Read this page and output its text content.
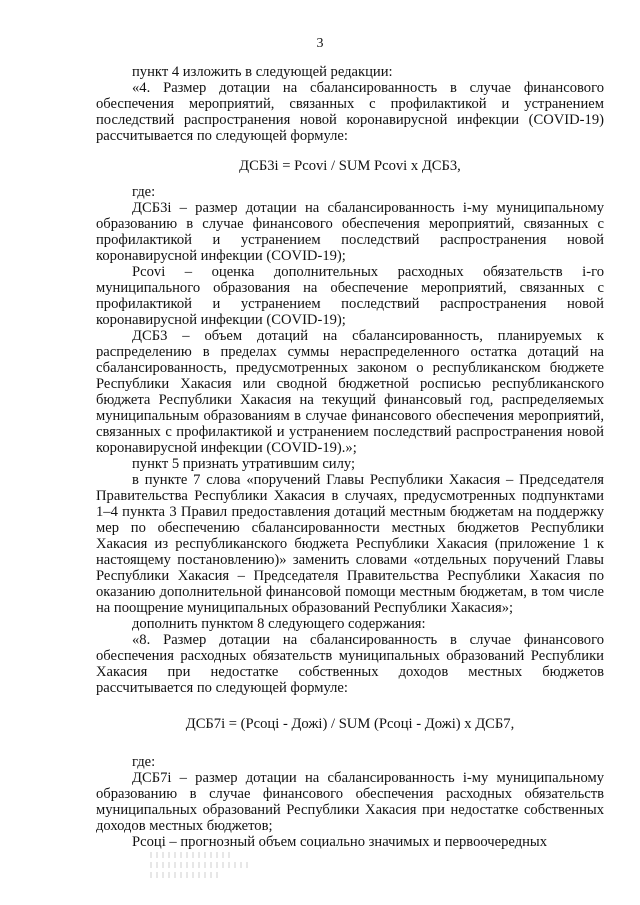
3

пункт 4 изложить в следующей редакции:

«4. Размер дотации на сбалансированность в случае финансового обеспечения мероприятий, связанных с профилактикой и устранением последствий распространения новой коронавирусной инфекции (COVID-19) рассчитывается по следующей формуле:

ДСБ3i = Pcovi / SUM Pcovi x ДСБ3,

где:

ДСБ3i – размер дотации на сбалансированность i-му муниципальному образованию в случае финансового обеспечения мероприятий, связанных с профилактикой и устранением последствий распространения новой коронавирусной инфекции (COVID-19);

Pcovi – оценка дополнительных расходных обязательств i-го муниципального образования на обеспечение мероприятий, связанных с профилактикой и устранением последствий распространения новой коронавирусной инфекции (COVID-19);

ДСБ3 – объем дотаций на сбалансированность, планируемых к распределению в пределах суммы нераспределенного остатка дотаций на сбалансированность, предусмотренных законом о республиканском бюджете Республики Хакасия или сводной бюджетной росписью республиканского бюджета Республики Хакасия на текущий финансовый год, распределяемых муниципальным образованиям в случае финансового обеспечения мероприятий, связанных с профилактикой и устранением последствий распространения новой коронавирусной инфекции (COVID-19).»;

пункт 5 признать утратившим силу;

в пункте 7 слова «поручений Главы Республики Хакасия – Председателя Правительства Республики Хакасия в случаях, предусмотренных подпунктами 1–4 пункта 3 Правил предоставления дотаций местным бюджетам на поддержку мер по обеспечению сбалансированности местных бюджетов Республики Хакасия из республиканского бюджета Республики Хакасия (приложение 1 к настоящему постановлению)» заменить словами «отдельных поручений Главы Республики Хакасия – Председателя Правительства Республики Хакасия по оказанию дополнительной финансовой помощи местным бюджетам, в том числе на поощрение муниципальных образований Республики Хакасия»;

дополнить пунктом 8 следующего содержания:

«8. Размер дотации на сбалансированность в случае финансового обеспечения расходных обязательств муниципальных образований Республики Хакасия при недостатке собственных доходов местных бюджетов рассчитывается по следующей формуле:

ДСБ7i = (Рсоцi - Дожi) / SUM (Рсоцi - Дожi) x ДСБ7,

где:

ДСБ7i – размер дотации на сбалансированность i-му муниципальному образованию в случае финансового обеспечения расходных обязательств муниципальных образований Республики Хакасия при недостатке собственных доходов местных бюджетов;

Рсоцi – прогнозный объем социально значимых и первоочередных
